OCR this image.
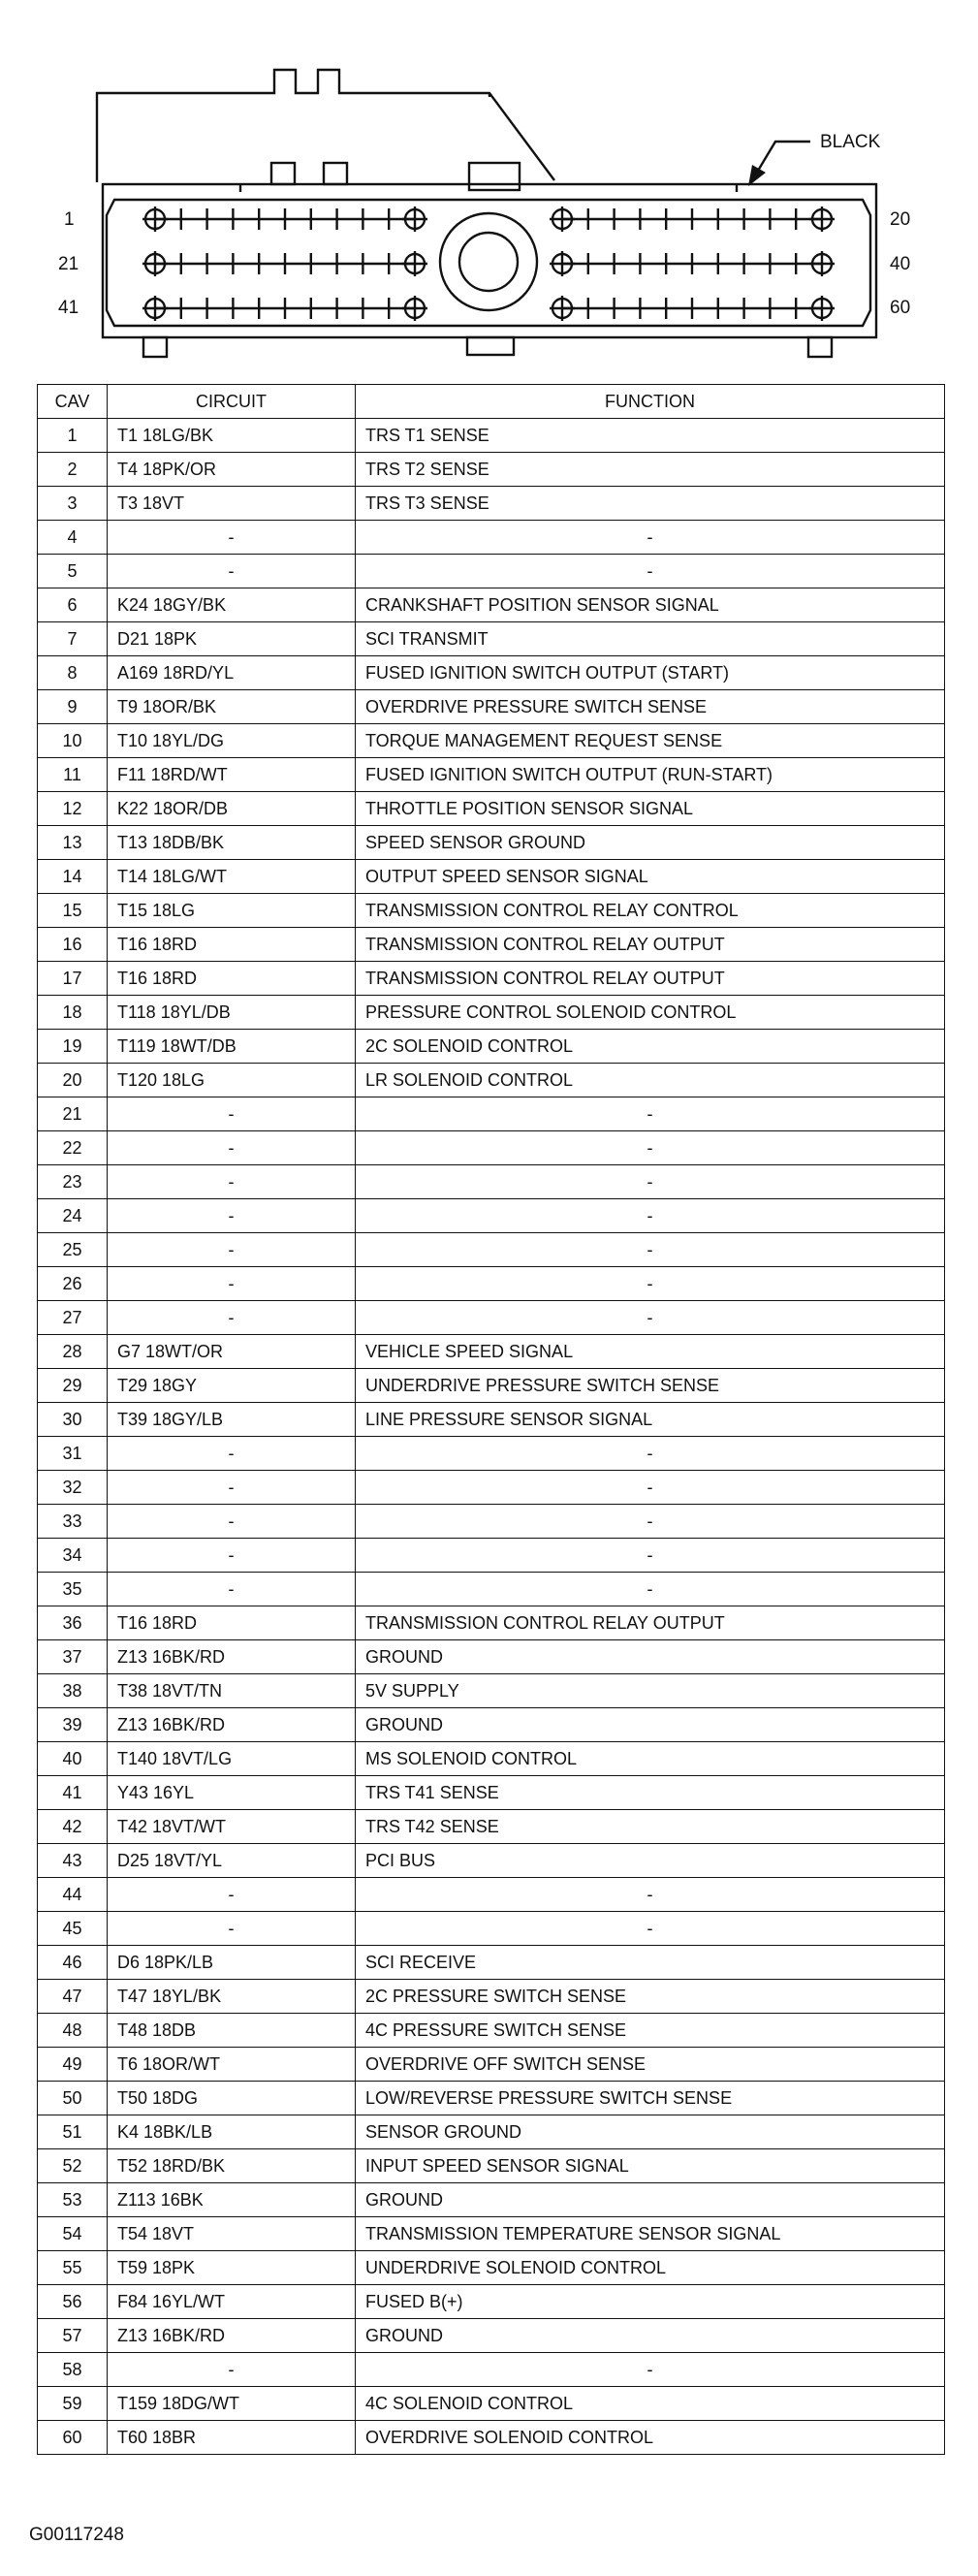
BLACK
1
21
41
20
40
60
CAV	CIRCUIT	FUNCTION
1	T1 18LG/BK	TRS T1 SENSE
2	T4 18PK/OR	TRS T2 SENSE
3	T3 18VT	TRS T3 SENSE
4	-	-
5	-	-
6	K24 18GY/BK	CRANKSHAFT POSITION SENSOR SIGNAL
7	D21 18PK	SCI TRANSMIT
8	A169 18RD/YL	FUSED IGNITION SWITCH OUTPUT (START)
9	T9 18OR/BK	OVERDRIVE PRESSURE SWITCH SENSE
10	T10 18YL/DG	TORQUE MANAGEMENT REQUEST SENSE
11	F11 18RD/WT	FUSED IGNITION SWITCH OUTPUT (RUN-START)
12	K22 18OR/DB	THROTTLE POSITION SENSOR SIGNAL
13	T13 18DB/BK	SPEED SENSOR GROUND
14	T14 18LG/WT	OUTPUT SPEED SENSOR SIGNAL
15	T15 18LG	TRANSMISSION CONTROL RELAY CONTROL
16	T16 18RD	TRANSMISSION CONTROL RELAY OUTPUT
17	T16 18RD	TRANSMISSION CONTROL RELAY OUTPUT
18	T118 18YL/DB	PRESSURE CONTROL SOLENOID CONTROL
19	T119 18WT/DB	2C SOLENOID CONTROL
20	T120 18LG	LR SOLENOID CONTROL
21	-	-
22	-	-
23	-	-
24	-	-
25	-	-
26	-	-
27	-	-
28	G7 18WT/OR	VEHICLE SPEED SIGNAL
29	T29 18GY	UNDERDRIVE PRESSURE SWITCH SENSE
30	T39 18GY/LB	LINE PRESSURE SENSOR SIGNAL
31	-	-
32	-	-
33	-	-
34	-	-
35	-	-
36	T16 18RD	TRANSMISSION CONTROL RELAY OUTPUT
37	Z13 16BK/RD	GROUND
38	T38 18VT/TN	5V SUPPLY
39	Z13 16BK/RD	GROUND
40	T140 18VT/LG	MS SOLENOID CONTROL
41	Y43 16YL	TRS T41 SENSE
42	T42 18VT/WT	TRS T42 SENSE
43	D25 18VT/YL	PCI BUS
44	-	-
45	-	-
46	D6 18PK/LB	SCI RECEIVE
47	T47 18YL/BK	2C PRESSURE SWITCH SENSE
48	T48 18DB	4C PRESSURE SWITCH SENSE
49	T6 18OR/WT	OVERDRIVE OFF SWITCH SENSE
50	T50 18DG	LOW/REVERSE PRESSURE SWITCH SENSE
51	K4 18BK/LB	SENSOR GROUND
52	T52 18RD/BK	INPUT SPEED SENSOR SIGNAL
53	Z113 16BK	GROUND
54	T54 18VT	TRANSMISSION TEMPERATURE SENSOR SIGNAL
55	T59 18PK	UNDERDRIVE SOLENOID CONTROL
56	F84 16YL/WT	FUSED B(+)
57	Z13 16BK/RD	GROUND
58	-	-
59	T159 18DG/WT	4C SOLENOID CONTROL
60	T60 18BR	OVERDRIVE SOLENOID CONTROL
G00117248
